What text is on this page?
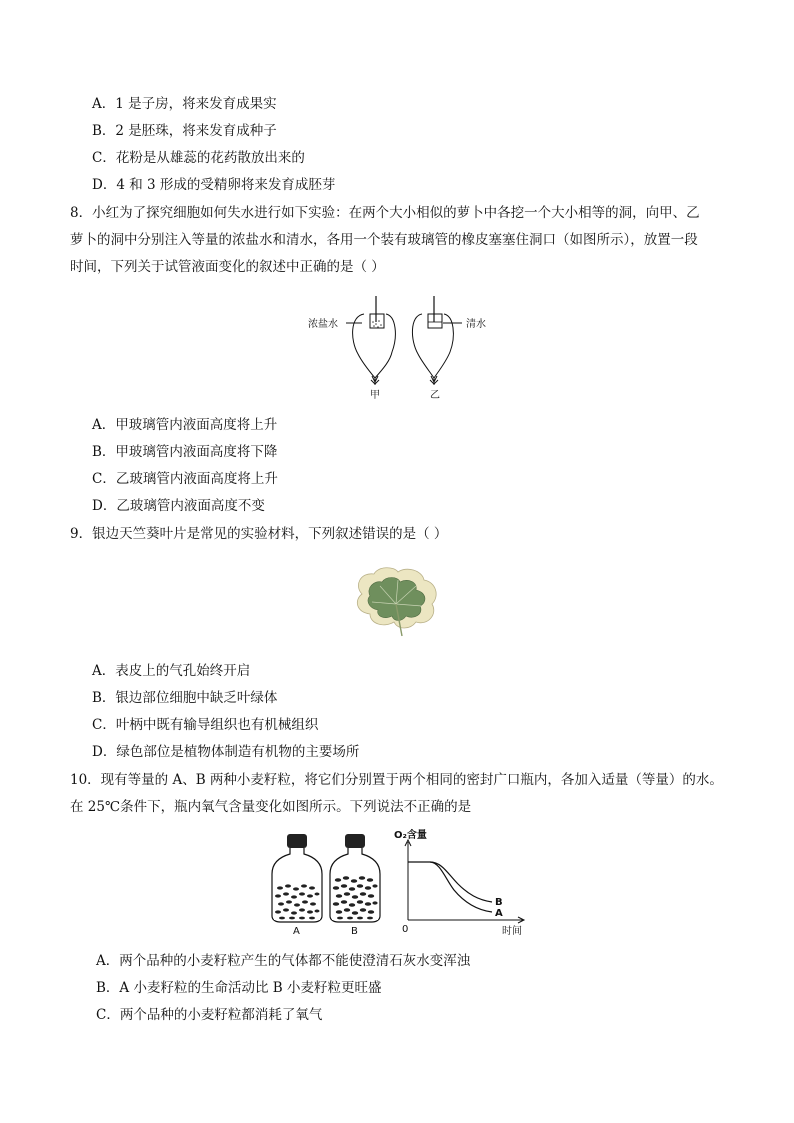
A．1 是子房，将来发育成果实
B．2 是胚珠，将来发育成种子
C．花粉是从雄蕊的花药散放出来的
D．4 和 3 形成的受精卵将来发育成胚芽
8．小红为了探究细胞如何失水进行如下实验：在两个大小相似的萝卜中各挖一个大小相等的洞，向甲、乙
萝卜的洞中分别注入等量的浓盐水和清水，各用一个装有玻璃管的橡皮塞塞住洞口（如图所示），放置一段
时间，下列关于试管液面变化的叙述中正确的是（ ）
浓盐水
甲
清水
乙
A．甲玻璃管内液面高度将上升
B．甲玻璃管内液面高度将下降
C．乙玻璃管内液面高度将上升
D．乙玻璃管内液面高度不变
9．银边天竺葵叶片是常见的实验材料，下列叙述错误的是（ ）
A．表皮上的气孔始终开启
B．银边部位细胞中缺乏叶绿体
C．叶柄中既有输导组织也有机械组织
D．绿色部位是植物体制造有机物的主要场所
10．现有等量的 A、B 两种小麦籽粒，将它们分别置于两个相同的密封广口瓶内，各加入适量（等量）的水。
在 25℃条件下，瓶内氧气含量变化如图所示。下列说法不正确的是
A	B
O₂含量
时间
0
B
A
A．两个品种的小麦籽粒产生的气体都不能使澄清石灰水变浑浊
B．A 小麦籽粒的生命活动比 B 小麦籽粒更旺盛
C．两个品种的小麦籽粒都消耗了氧气
